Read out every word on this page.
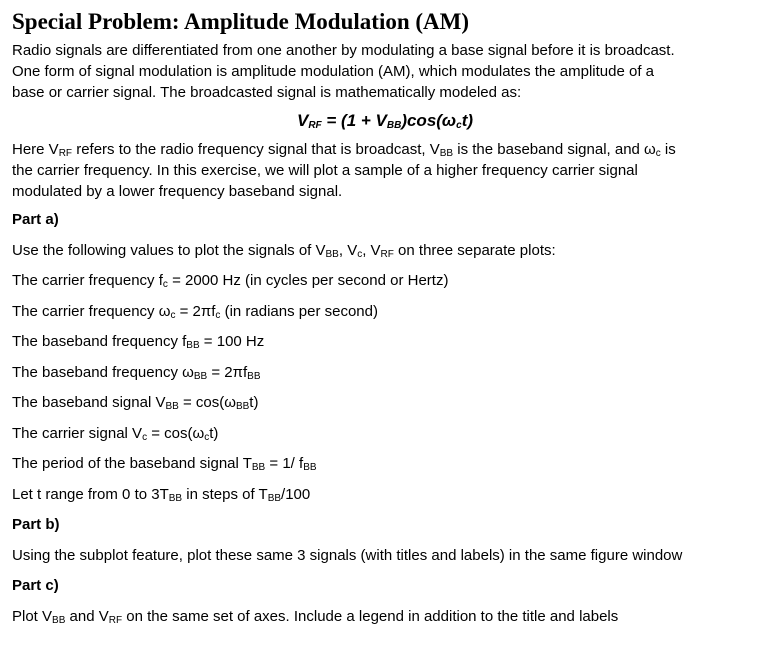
Special Problem: Amplitude Modulation (AM)

Radio signals are differentiated from one another by modulating a base signal before it is broadcast.

One form of signal modulation is amplitude modulation (AM), which modulates the amplitude of a

base or carrier signal. The broadcasted signal is mathematically modeled as:

$V_{RF} = (1 + V_{BB})\cos(\omega_ct)$

Here $V_{RF}$ refers to the radio frequency signal that is broadcast, $V_{BB}$ is the baseband signal, and $\omega_c$ is

the carrier frequency. In this exercise, we will plot a sample of a higher frequency carrier signal

modulated by a lower frequency baseband signal.

Part a)

Use the following values to plot the signals of $V_{BB}$, $V_c$, $V_{RF}$ on three separate plots:

The carrier frequency $f_c = 2000$ Hz (in cycles per second or Hertz)

The carrier frequency $\omega_c = 2\pi f_c$ (in radians per second)

The baseband frequency $f_{BB} = 100$ Hz

The baseband frequency $\omega_{BB} = 2\pi f_{BB}$

The baseband signal $V_{BB} = \cos(\omega_{BB}t)$

The carrier signal $V_c = \cos(\omega_ct)$

The period of the baseband signal $T_{BB} = 1/$ $f_{BB}$

Let t range from 0 to $3T_{BB}$ in steps of $T_{BB}/100$

Part b)

Using the subplot feature, plot these same 3 signals (with titles and labels) in the same figure window

Part c)

Plot $V_{BB}$ and $V_{RF}$ on the same set of axes. Include a legend in addition to the title and labels
